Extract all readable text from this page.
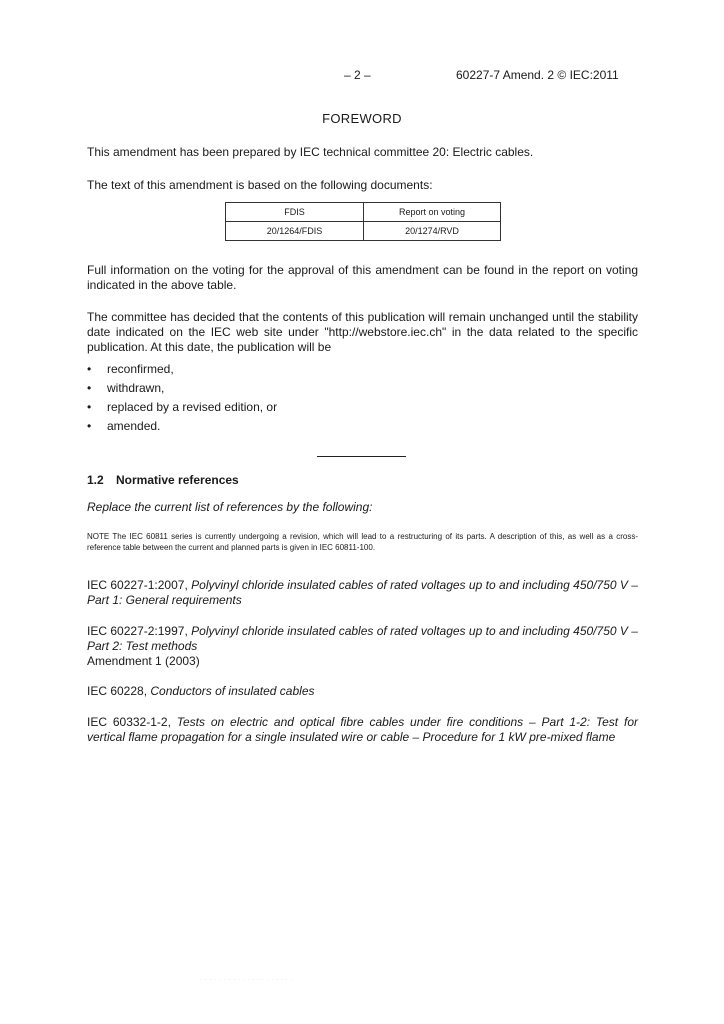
– 2 –	60227-7 Amend. 2 © IEC:2011
FOREWORD
This amendment has been prepared by IEC technical committee 20: Electric cables.
The text of this amendment is based on the following documents:
FDIS	Report on voting
20/1264/FDIS	20/1274/RVD
Full information on the voting for the approval of this amendment can be found in the report on voting indicated in the above table.
The committee has decided that the contents of this publication will remain unchanged until the stability date indicated on the IEC web site under "http://webstore.iec.ch" in the data related to the specific publication. At this date, the publication will be
• reconfirmed,
• withdrawn,
• replaced by a revised edition, or
• amended.
1.2 Normative references
Replace the current list of references by the following:
NOTE The IEC 60811 series is currently undergoing a revision, which will lead to a restructuring of its parts. A description of this, as well as a cross-reference table between the current and planned parts is given in IEC 60811-100.
IEC 60227-1:2007, Polyvinyl chloride insulated cables of rated voltages up to and including 450/750 V – Part 1: General requirements
IEC 60227-2:1997, Polyvinyl chloride insulated cables of rated voltages up to and including 450/750 V – Part 2: Test methods
Amendment 1 (2003)
IEC 60228, Conductors of insulated cables
IEC 60332-1-2, Tests on electric and optical fibre cables under fire conditions – Part 1-2: Test for vertical flame propagation for a single insulated wire or cable – Procedure for 1 kW pre-mixed flame
. . . . . . . . . . . . . . . . . . . .
